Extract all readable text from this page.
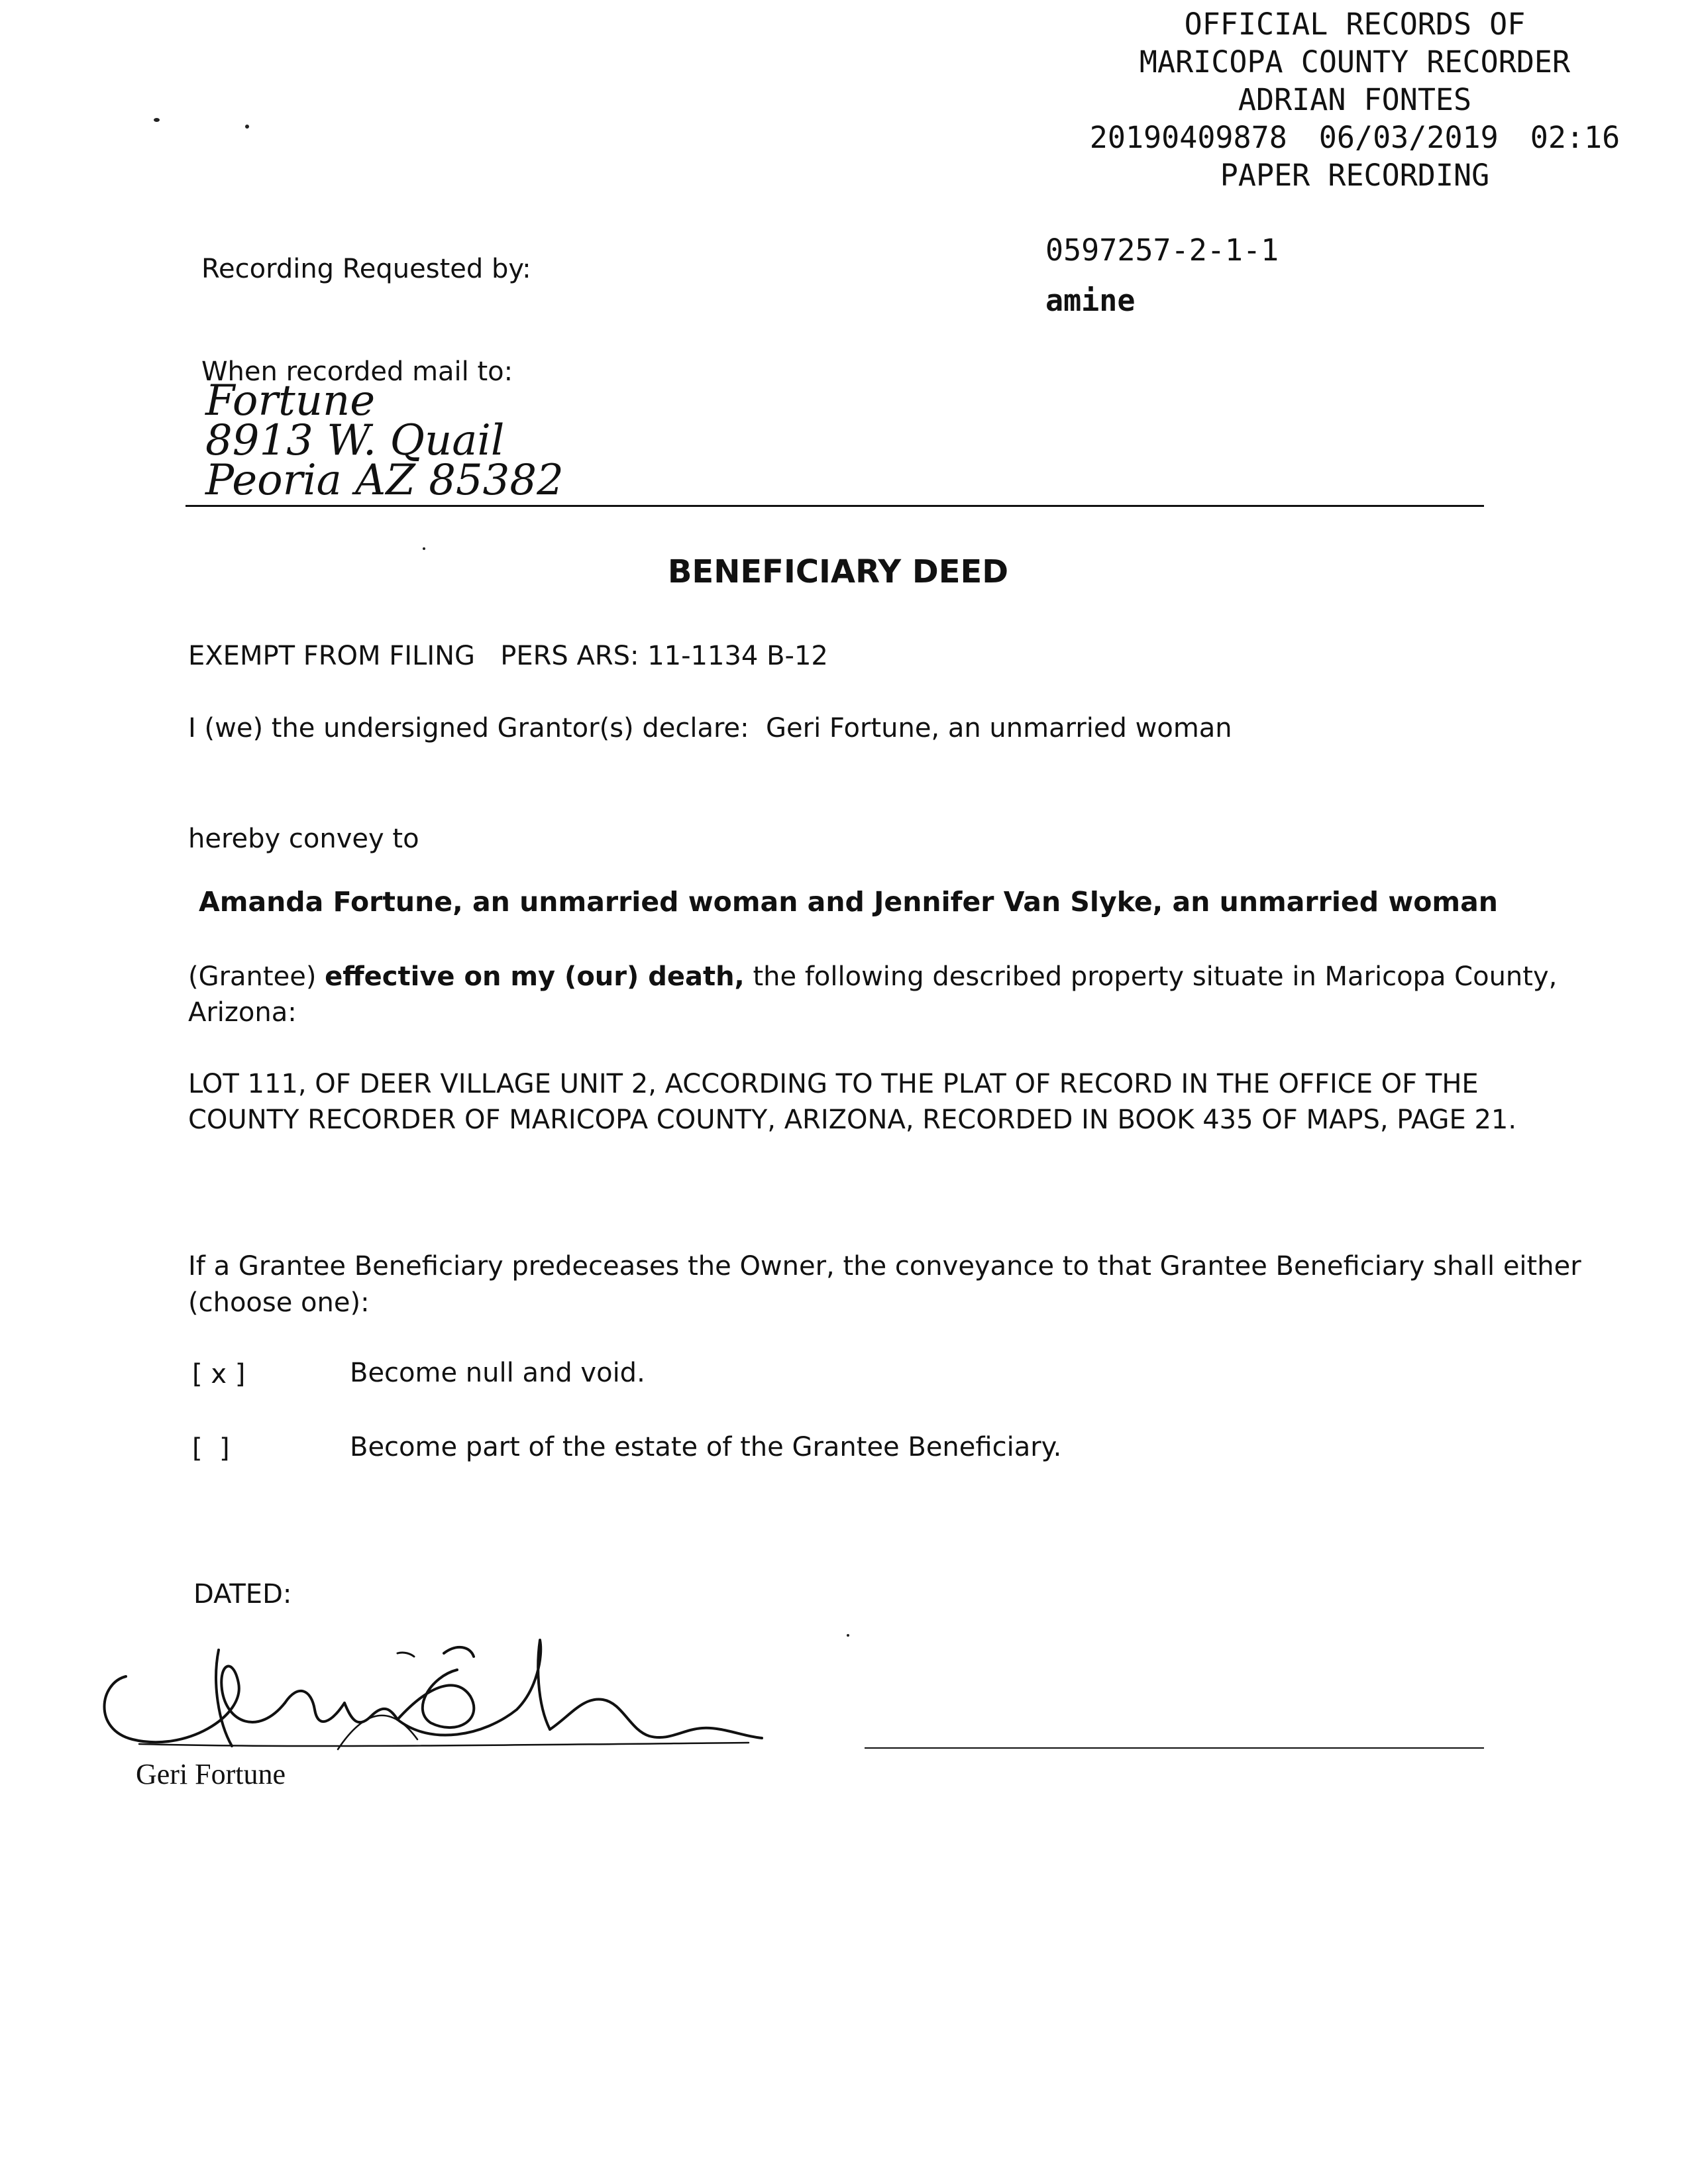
OFFICIAL RECORDS OF
MARICOPA COUNTY RECORDER
ADRIAN FONTES
20190409878 06/03/2019 02:16
PAPER RECORDING
0597257-2-1-1
amine
Recording Requested by:
When recorded mail to:
Fortune
8913 W. Quail
Peoria AZ 85382
BENEFICIARY DEED
EXEMPT FROM FILING   PERS ARS: 11-1134 B-12
I (we) the undersigned Grantor(s) declare:  Geri Fortune, an unmarried woman
hereby convey to
Amanda Fortune, an unmarried woman and Jennifer Van Slyke, an unmarried woman
(Grantee) effective on my (our) death, the following described property situate in Maricopa County,
Arizona:
LOT 111, OF DEER VILLAGE UNIT 2, ACCORDING TO THE PLAT OF RECORD IN THE OFFICE OF THE
COUNTY RECORDER OF MARICOPA COUNTY, ARIZONA, RECORDED IN BOOK 435 OF MAPS, PAGE 21.
If a Grantee Beneficiary predeceases the Owner, the conveyance to that Grantee Beneficiary shall either
(choose one):
[ x ]	Become null and void.
[  ]	Become part of the estate of the Grantee Beneficiary.
DATED:
Geri Fortune
